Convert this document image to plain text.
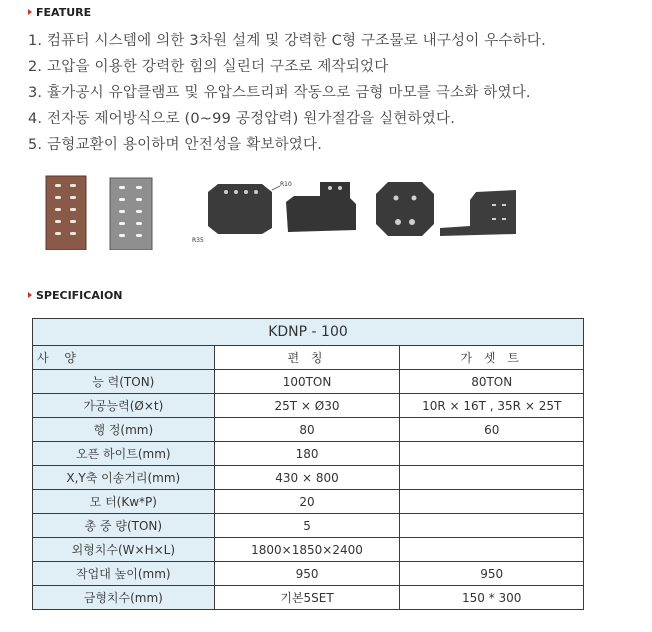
FEATURE
1. 컴퓨터 시스템에 의한 3차원 설계 및 강력한 C형 구조물로 내구성이 우수하다.
2. 고압을 이용한 강력한 힘의 실린더 구조로 제작되었다
3. 휼가공시 유압클램프 및 유압스트리퍼 작동으로 금형 마모를 극소화 하였다.
4. 전자동 제어방식으로 (0~99 공정압력) 원가절감을 실현하였다.
5. 금형교환이 용이하며 안전성을 확보하였다.
R10
R35
SPECIFICAION
KDNP - 100		
사 양	편 칭	가 셋 트
능 력(TON)	100TON	80TON
가공능력(Ø×t)	25T × Ø30	10R × 16T , 35R × 25T
행 정(mm)	80	60
오픈 하이트(mm)	180	
X,Y축 이송거리(mm)	430 × 800	
모 터(Kw*P)	20	
총 중 량(TON)	5	
외형치수(W×H×L)	1800×1850×2400	
작업대 높이(mm)	950	950
금형치수(mm)	기본5SET	150 * 300
